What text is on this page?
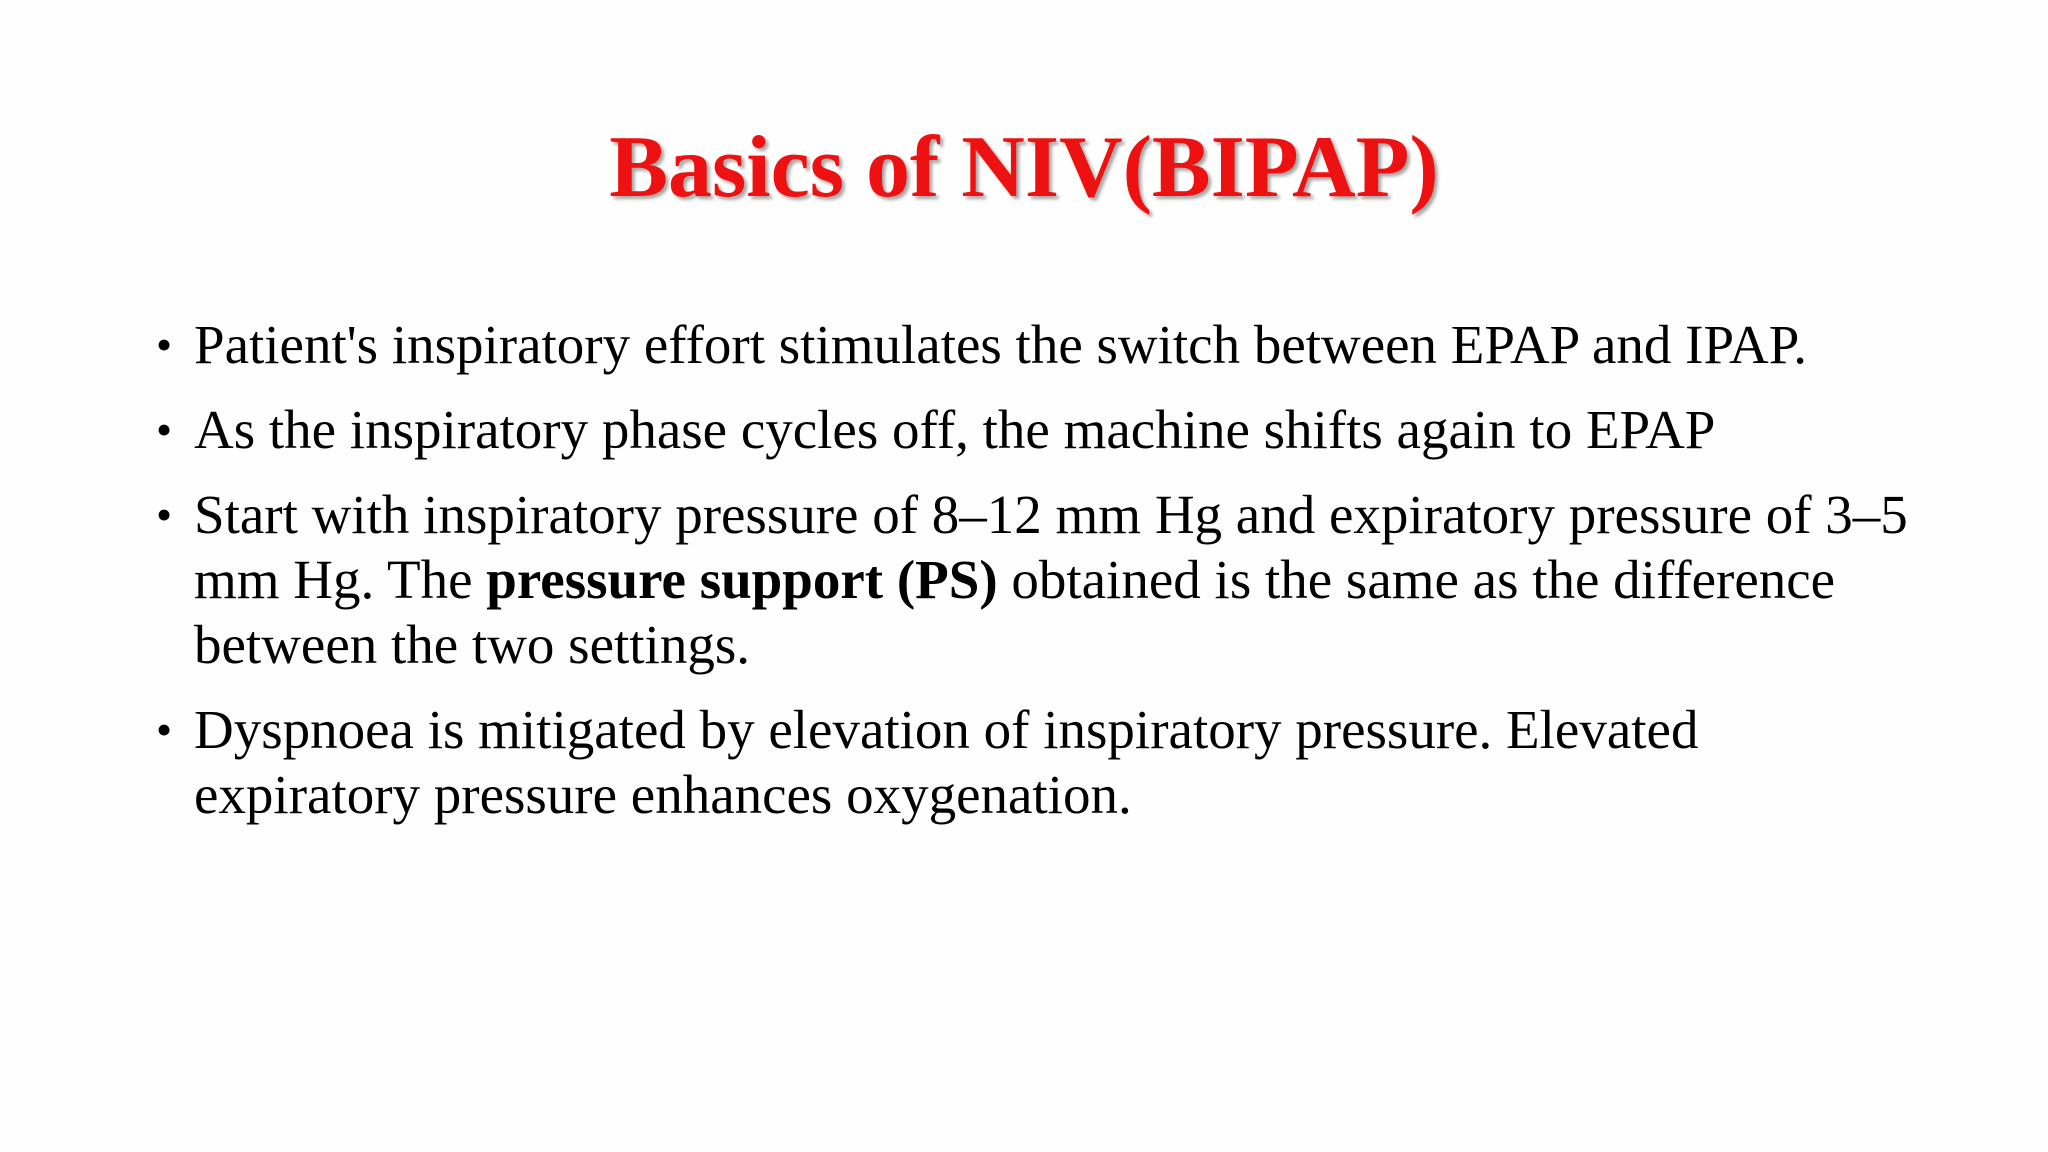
Basics of NIV(BIPAP)
• Patient's inspiratory effort stimulates the switch between EPAP and IPAP.
• As the inspiratory phase cycles off, the machine shifts again to EPAP
• Start with inspiratory pressure of 8–12 mm Hg and expiratory pressure of 3–5 mm Hg. The pressure support (PS) obtained is the same as the difference between the two settings.
• Dyspnoea is mitigated by elevation of inspiratory pressure. Elevated expiratory pressure enhances oxygenation.
